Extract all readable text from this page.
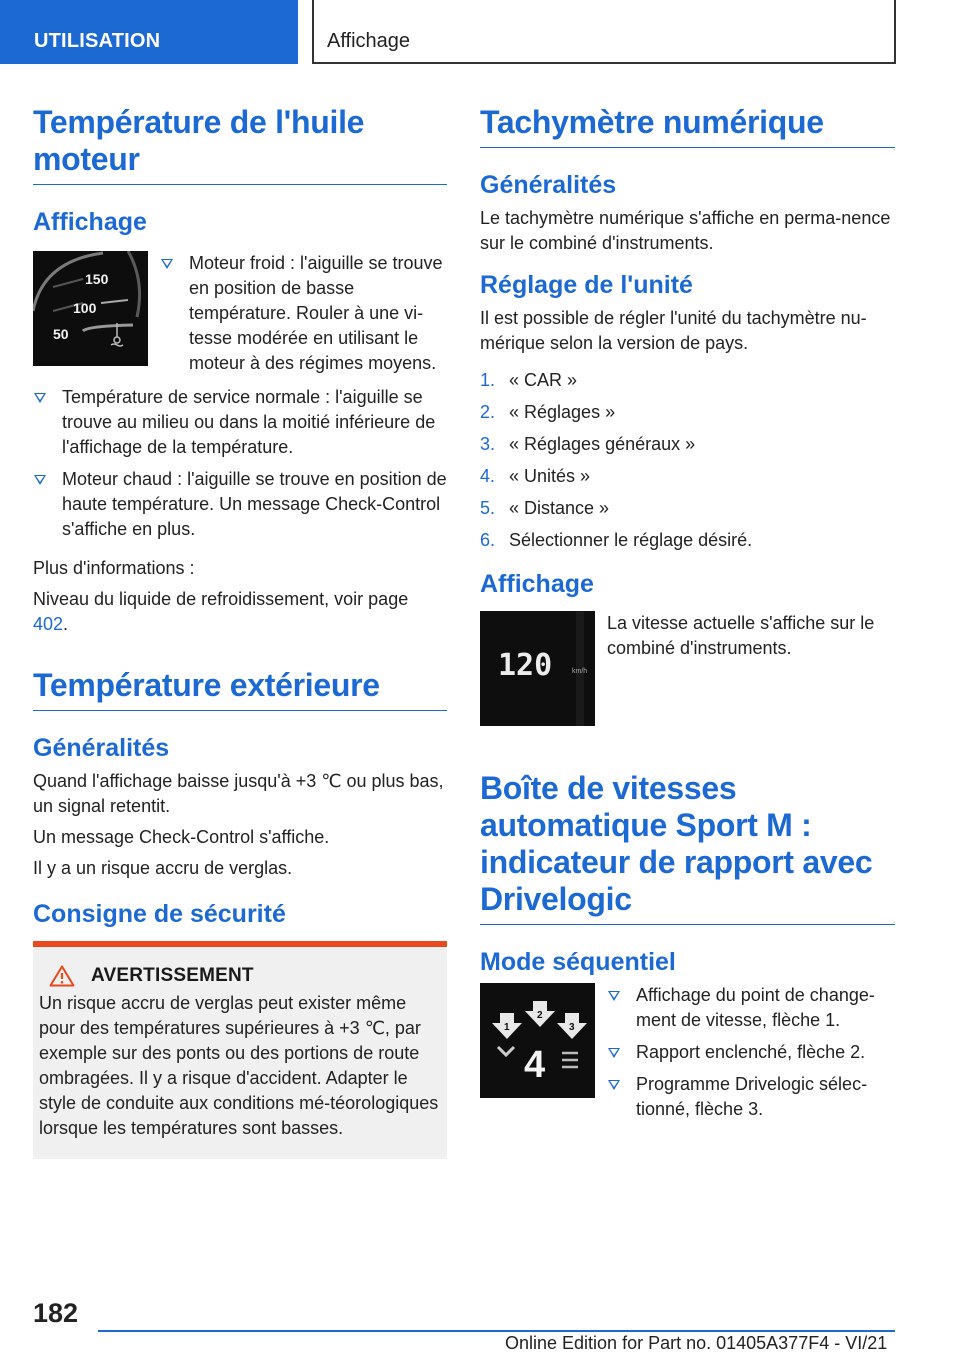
UTILISATION	Affichage
Température de l'huile moteur
Affichage
150
100
50
Moteur froid : l'aiguille se trouve en position de basse température. Rouler à une vi-tesse modérée en utilisant le moteur à des régimes moyens.
Température de service normale : l'aiguille se trouve au milieu ou dans la moitié inférieure de l'affichage de la température.
Moteur chaud : l'aiguille se trouve en position de haute température. Un message Check-Control s'affiche en plus.

Plus d'informations :

Niveau du liquide de refroidissement, voir page 402.

Température extérieure
Généralités

Quand l'affichage baisse jusqu'à +3 ℃ ou plus bas, un signal retentit.

Un message Check-Control s'affiche.

Il y a un risque accru de verglas.

Consigne de sécurité
AVERTISSEMENT

Un risque accru de verglas peut exister même pour des températures supérieures à +3 ℃, par exemple sur des ponts ou des portions de route ombragées. Il y a risque d'accident. Adapter le style de conduite aux conditions mé-téorologiques lorsque les températures sont basses.

Tachymètre numérique
Généralités

Le tachymètre numérique s'affiche en perma-nence sur le combiné d'instruments.

Réglage de l'unité

Il est possible de régler l'unité du tachymètre nu-mérique selon la version de pays.

1. « CAR »
2. « Réglages »
3. « Réglages généraux »
4. « Unités »
5. « Distance »
6. Sélectionner le réglage désiré.
Affichage
120	km/h

La vitesse actuelle s'affiche sur le combiné d'instruments.

Boîte de vitesses automatique Sport M : indicateur de rapport avec Drivelogic
Mode séquentiel
1
2
3
4
Affichage du point de change-ment de vitesse, flèche 1.
Rapport enclenché, flèche 2.
Programme Drivelogic sélec-tionné, flèche 3.
182
Online Edition for Part no. 01405A377F4 - VI/21
